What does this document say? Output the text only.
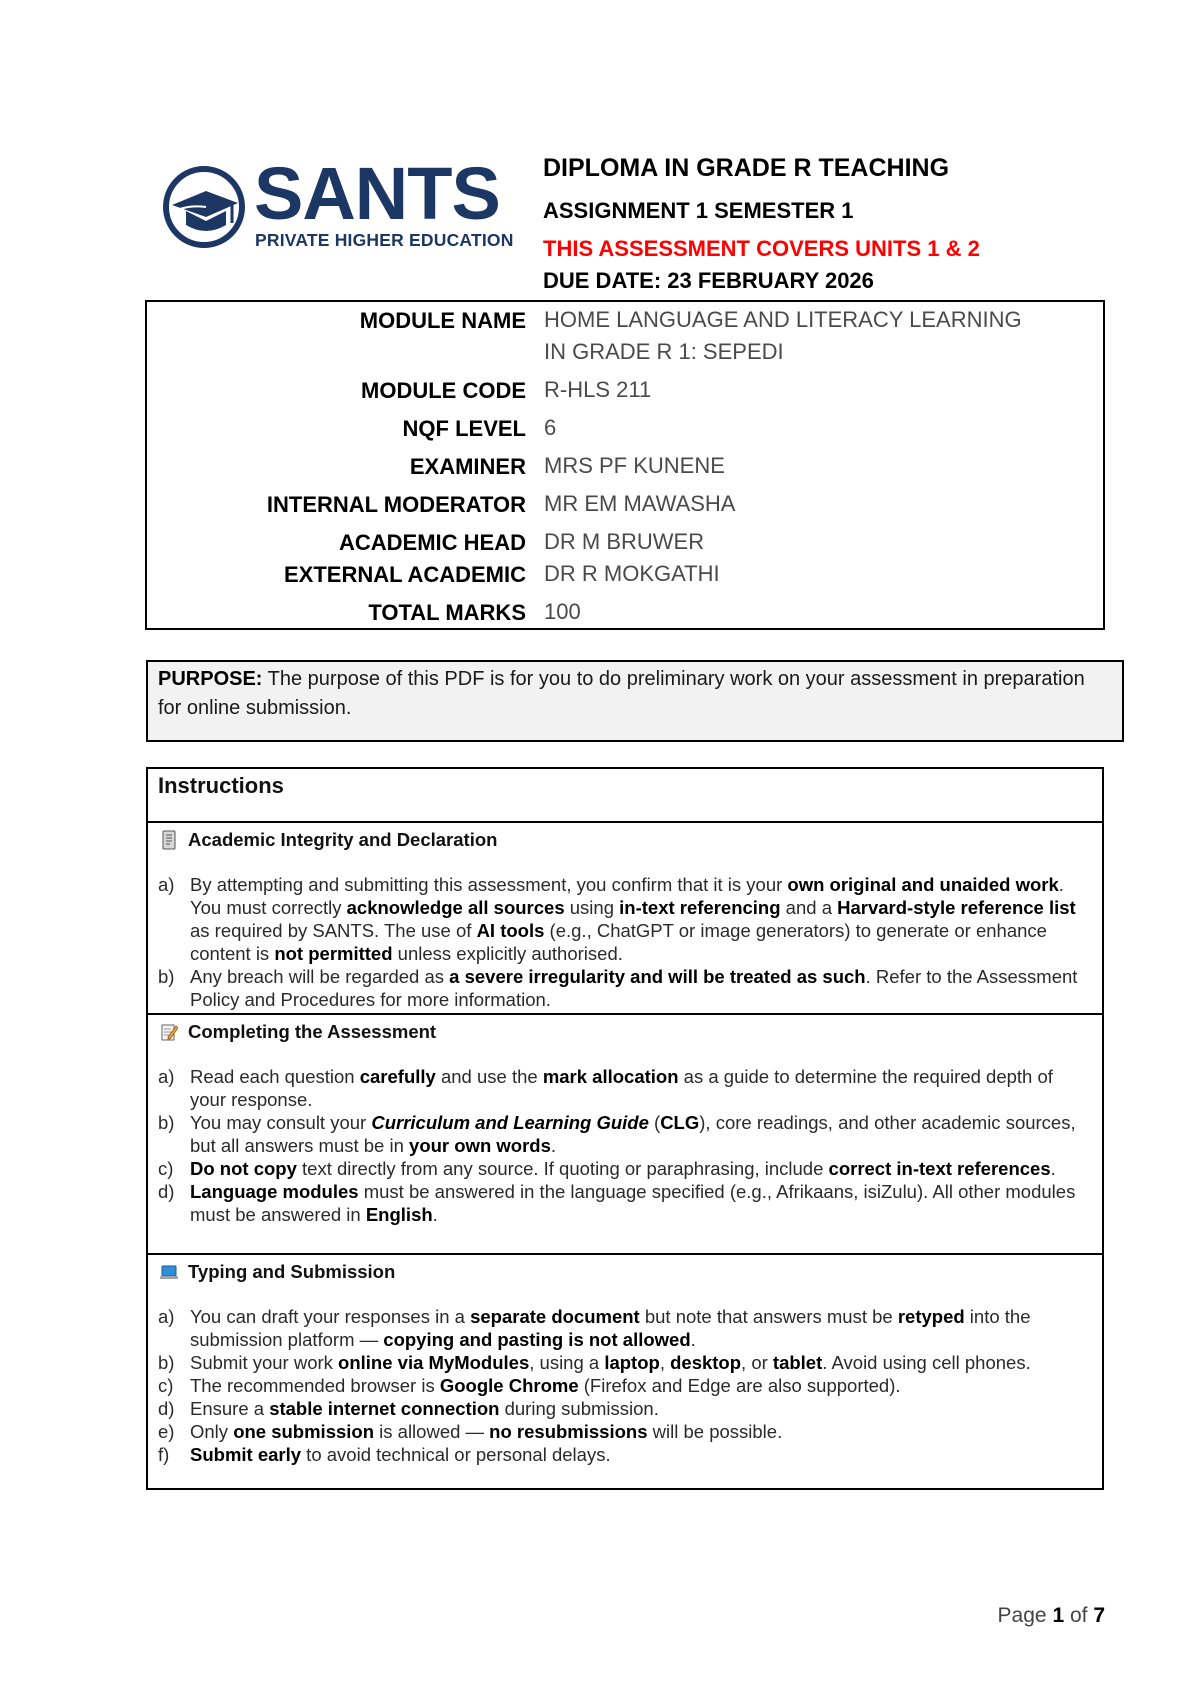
SANTS
PRIVATE HIGHER EDUCATION
DIPLOMA IN GRADE R TEACHING
ASSIGNMENT 1 SEMESTER 1
THIS ASSESSMENT COVERS UNITS 1 & 2
DUE DATE: 23 FEBRUARY 2026
MODULE NAME HOME LANGUAGE AND LITERACY LEARNING
IN GRADE R 1: SEPEDI
MODULE CODE R-HLS 211
NQF LEVEL 6
EXAMINER MRS PF KUNENE
INTERNAL MODERATOR MR EM MAWASHA
ACADEMIC HEAD DR M BRUWER
EXTERNAL ACADEMIC DR R MOKGATHI
TOTAL MARKS 100
PURPOSE: The purpose of this PDF is for you to do preliminary work on your assessment in preparation for online submission.
Instructions
Academic Integrity and Declaration
a) By attempting and submitting this assessment, you confirm that it is your own original and unaided work. You must correctly acknowledge all sources using in-text referencing and a Harvard-style reference list as required by SANTS. The use of AI tools (e.g., ChatGPT or image generators) to generate or enhance content is not permitted unless explicitly authorised.
b) Any breach will be regarded as a severe irregularity and will be treated as such. Refer to the Assessment Policy and Procedures for more information.
Completing the Assessment
a) Read each question carefully and use the mark allocation as a guide to determine the required depth of your response.
b) You may consult your Curriculum and Learning Guide (CLG), core readings, and other academic sources, but all answers must be in your own words.
c) Do not copy text directly from any source. If quoting or paraphrasing, include correct in-text references.
d) Language modules must be answered in the language specified (e.g., Afrikaans, isiZulu). All other modules must be answered in English.
Typing and Submission
a) You can draft your responses in a separate document but note that answers must be retyped into the submission platform — copying and pasting is not allowed.
b) Submit your work online via MyModules, using a laptop, desktop, or tablet. Avoid using cell phones.
c) The recommended browser is Google Chrome (Firefox and Edge are also supported).
d) Ensure a stable internet connection during submission.
e) Only one submission is allowed — no resubmissions will be possible.
f) Submit early to avoid technical or personal delays.
Page 1 of 7
